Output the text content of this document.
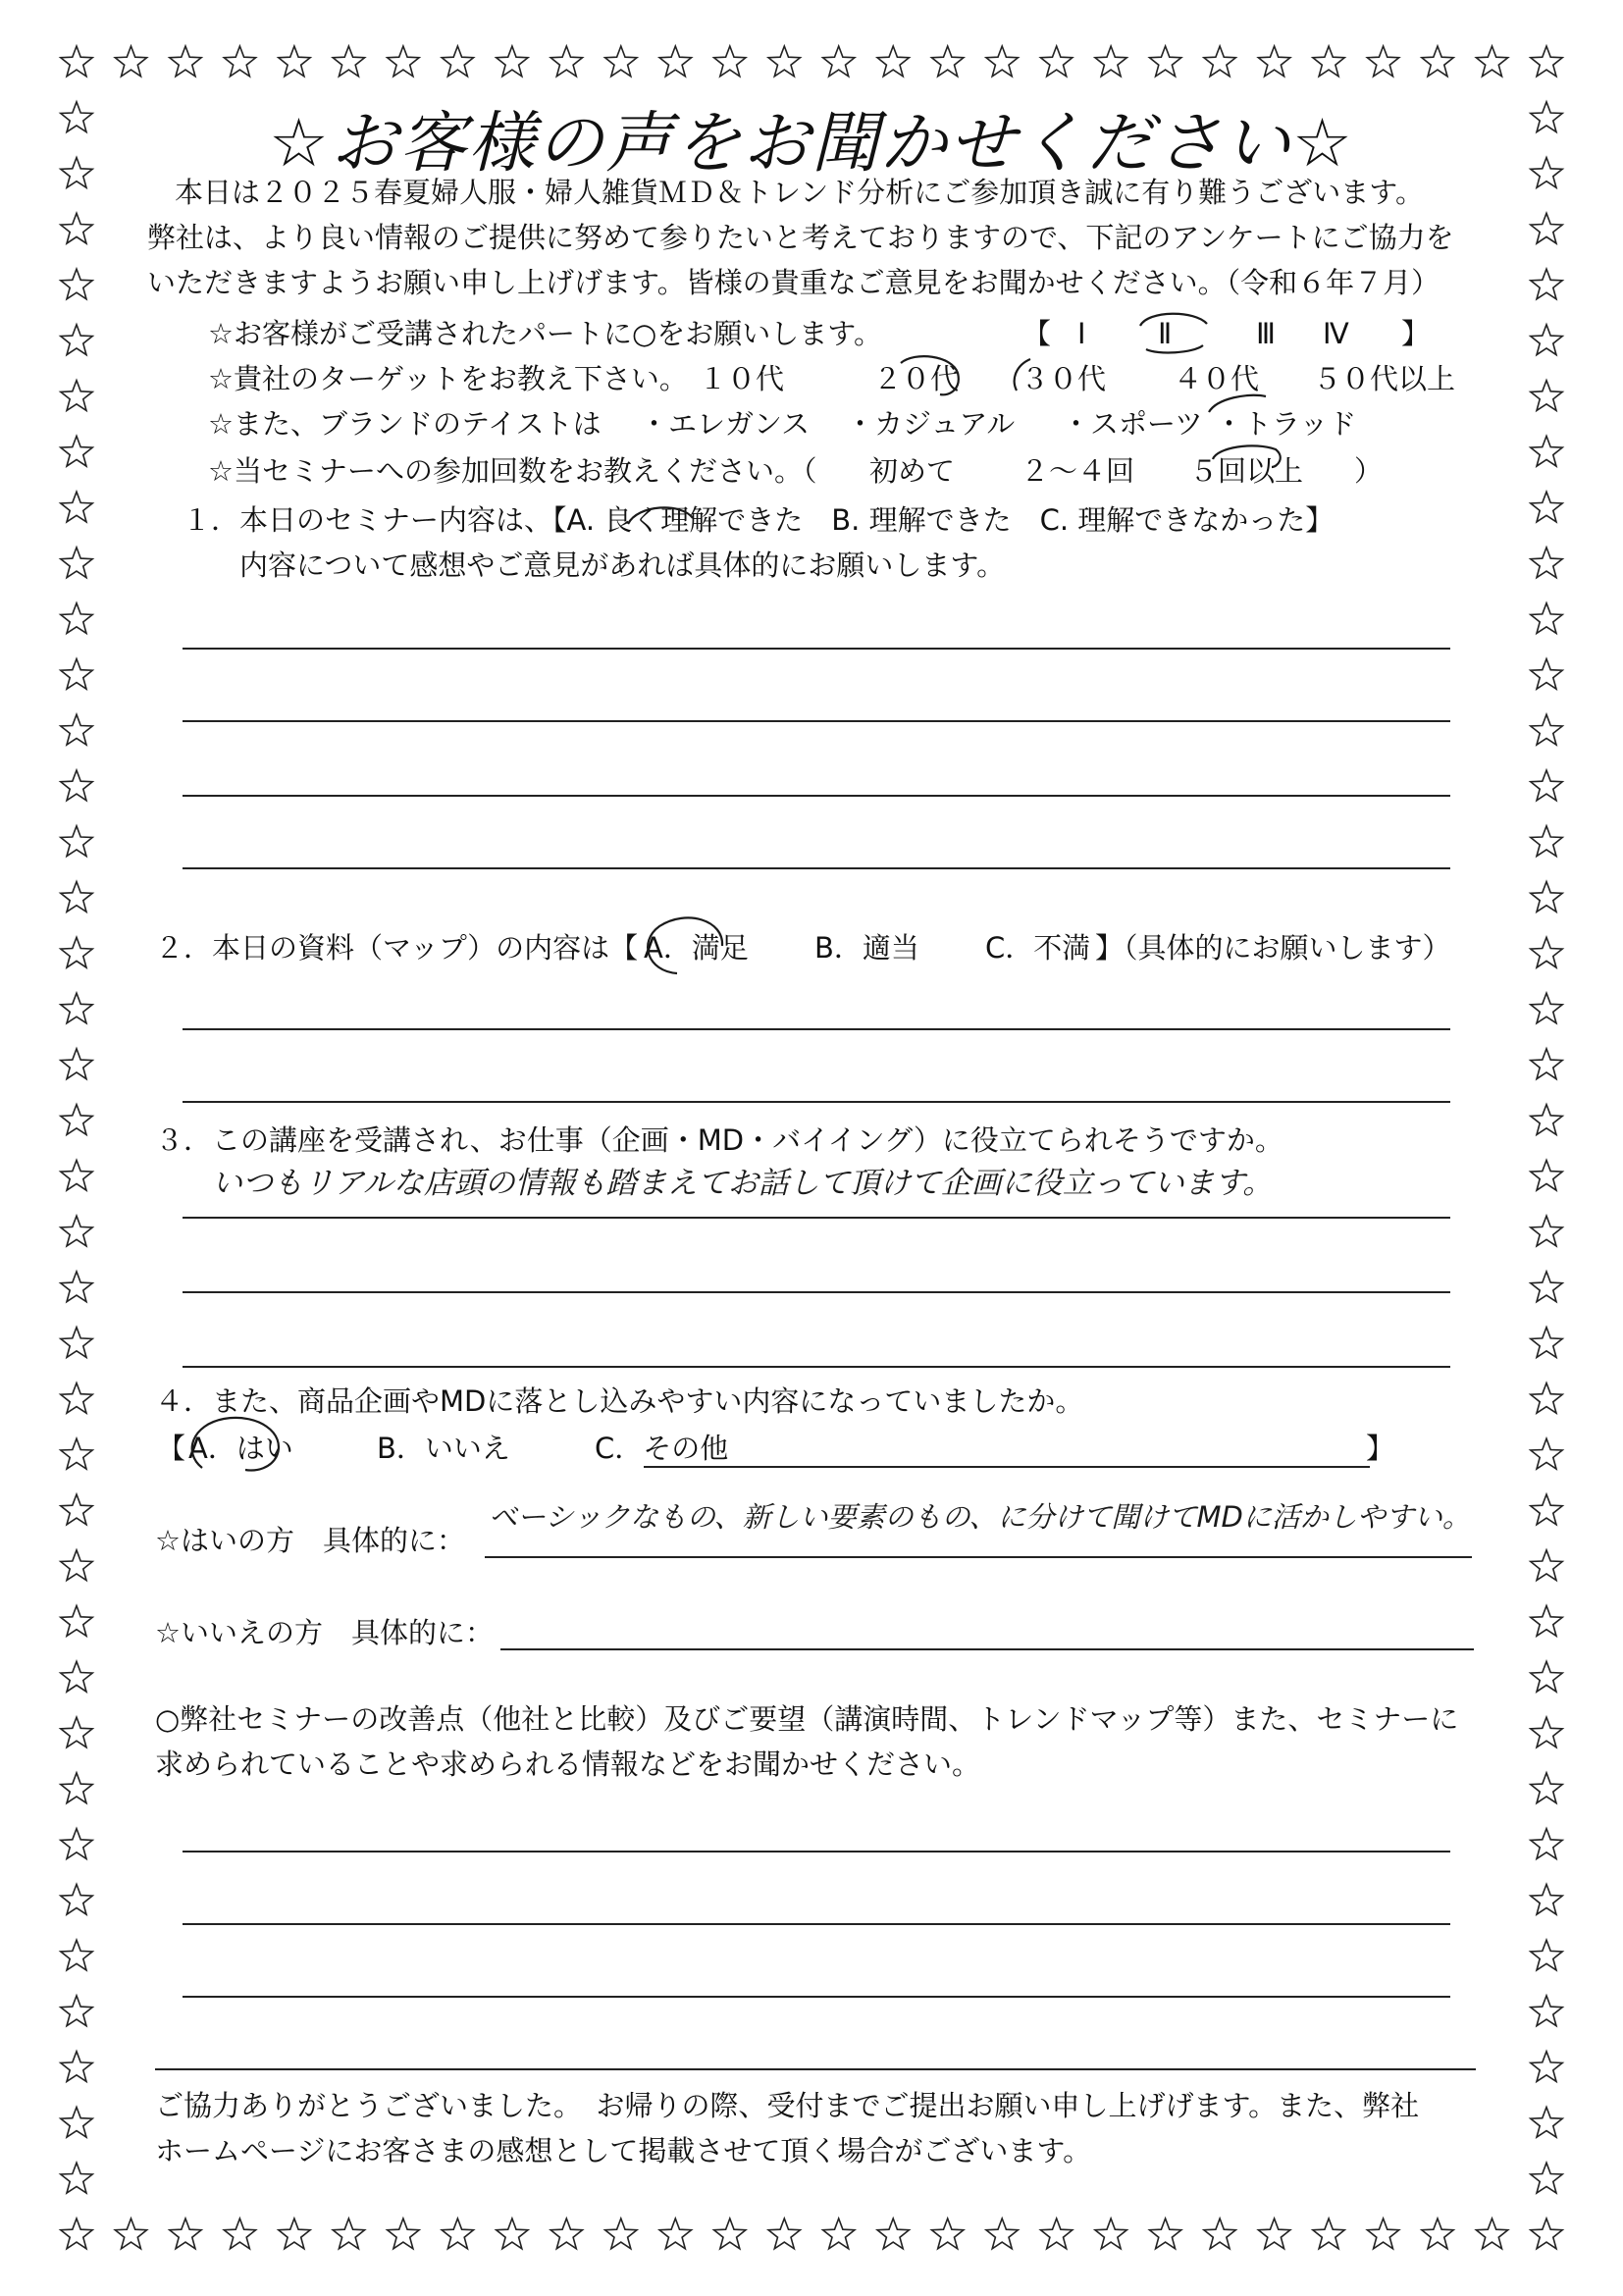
☆お客様の声をお聞かせください☆
本日は２０２５春夏婦人服・婦人雑貨ＭＤ＆トレンド分析にご参加頂き誠に有り難うございます。
弊社は、より良い情報のご提供に努めて参りたいと考えておりますので、下記のアンケートにご協力を
いただきますようお願い申し上げげます。皆様の貴重なご意見をお聞かせください。（令和６年７月）
☆お客様がご受講されたパートに○をお願いします。	【 Ⅰ	Ⅱ	Ⅲ Ⅳ 】
☆貴社のターゲットをお教え下さい。 １０代	２０代 ３０代 ４０代 ５０代以上
☆また、ブランドのテイストは ・エレガンス ・カジュアル ・スポーツ ・トラッド
☆当セミナーへの参加回数をお教えください。（ 初めて ２～４回 ５回以上 ）
１．本日のセミナー内容は、【A. 良く理解できた　B. 理解できた　C. 理解できなかった】
内容について感想やご意見があれば具体的にお願いします。
２．本日の資料（マップ）の内容は【 A．満足 B．適当 C．不満 】（具体的にお願いします）
３．この講座を受講され、お仕事（企画・MD・バイイング）に役立てられそうですか。
いつもリアルな店頭の情報も踏まえてお話して頂けて企画に役立っています。
４．また、商品企画やMDに落とし込みやすい内容になっていましたか。
【 A．はい	B．いいえ	C．その他	】
☆はいの方　具体的に：
ベーシックなもの、新しい要素のもの、に分けて聞けてMDに活かしやすい。
☆いいえの方　具体的に：
○弊社セミナーの改善点（他社と比較）及びご要望（講演時間、トレンドマップ等）また、セミナーに
求められていることや求められる情報などをお聞かせください。
ご協力ありがとうございました。　お帰りの際、受付までご提出お願い申し上げげます。また、弊社
ホームページにお客さまの感想として掲載させて頂く場合がございます。
